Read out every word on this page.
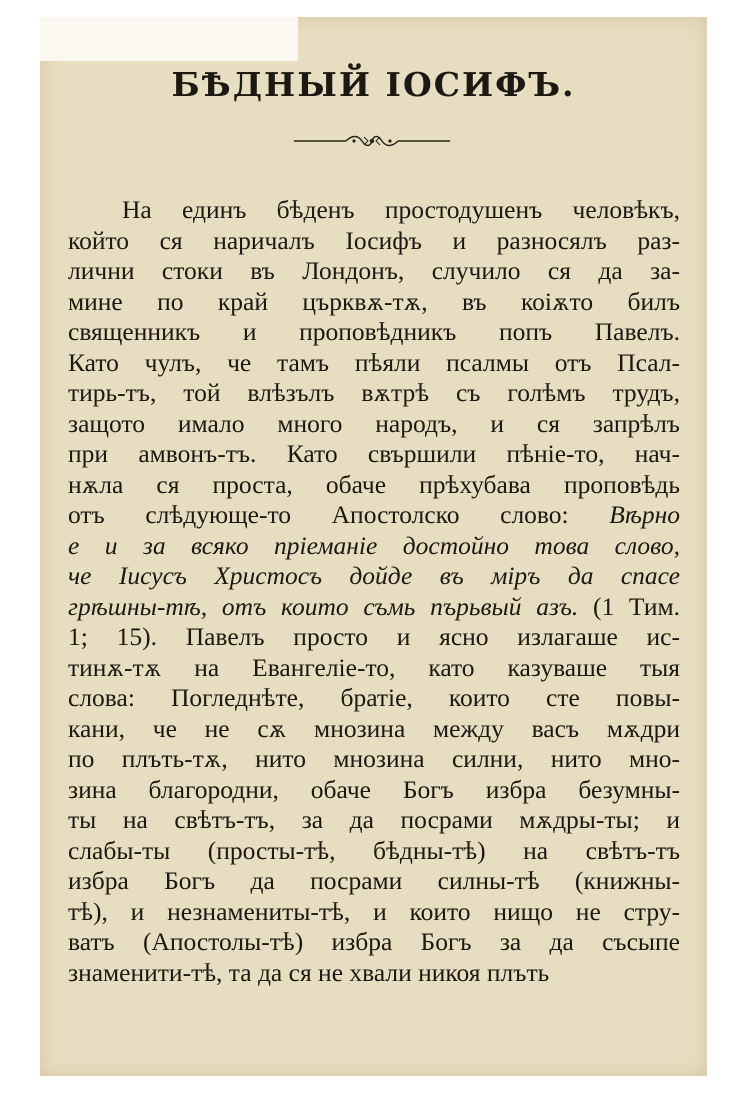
БѢДНЫЙ ІОСИФЪ.
На единъ бѣденъ простодушенъ человѣкъ,
който ся наричалъ Іосифъ и разносялъ раз-
лични стоки въ Лондонъ, случило ся да за-
мине по край църквѫ-тѫ, въ коіѫто билъ
священникъ и проповѣдникъ попъ Павелъ.
Като чулъ, че тамъ пѣяли псалмы отъ Псал-
тирь-тъ, той влѣзълъ вѫтрѣ съ голѣмъ трудъ,
защото имало много народъ, и ся запрѣлъ
при амвонъ-тъ. Като свършили пѣніе-то, нач-
нѫла ся проста, обаче прѣхубава проповѣдь
отъ слѣдующе-то Апостолско слово: Вѣрно
е и за всяко пріеманіе достойно това слово,
че Іисусъ Христосъ дойде въ міръ да спасе
грѣшны-тѣ, отъ които съмь пърьвый азъ. (1 Тим.
1; 15). Павелъ просто и ясно излагаше ис-
тинѫ-тѫ на Евангеліе-то, като казуваше тыя
слова: Погледнѣте, братіе, които сте повы-
кани, че не сѫ мнозина между васъ мѫдри
по плъть-тѫ, нито мнозина силни, нито мно-
зина благородни, обаче Богъ избра безумны-
ты на свѣтъ-тъ, за да посрами мѫдры-ты; и
слабы-ты (просты-тѣ, бѣдны-тѣ) на свѣтъ-тъ
избра Богъ да посрами силны-тѣ (книжны-
тѣ), и незнамениты-тѣ, и които нищо не стру-
ватъ (Апостолы-тѣ) избра Богъ за да съсыпе
знаменити-тѣ, та да ся не хвали никоя плъть
